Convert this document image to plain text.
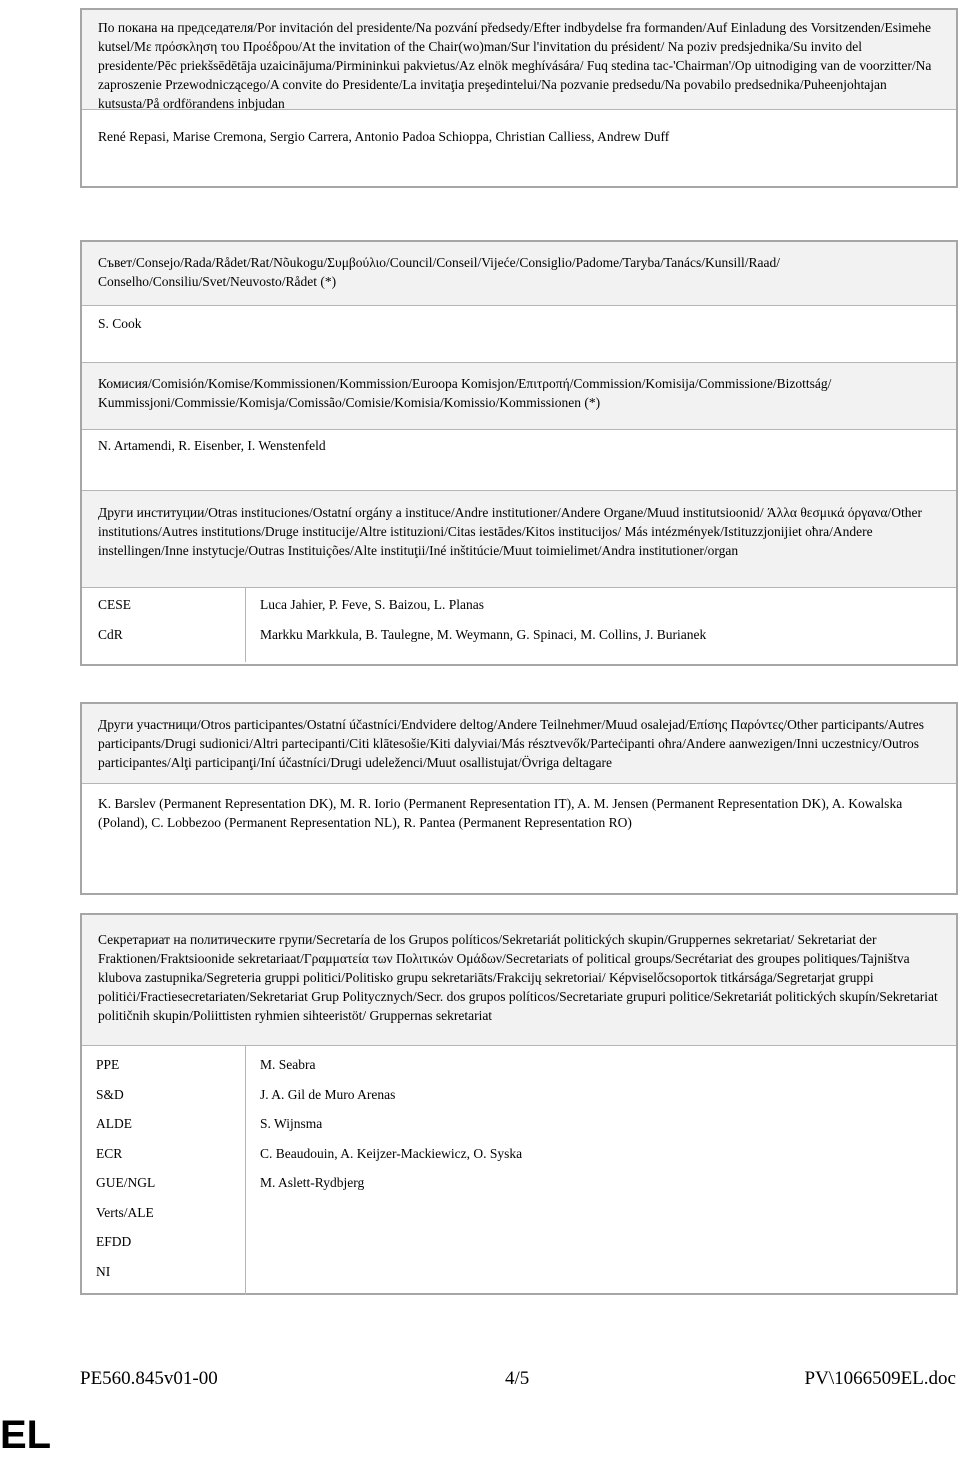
По покана на председателя/Por invitación del presidente/Na pozvání předsedy/Efter indbydelse fra formanden/Auf Einladung des Vorsitzenden/Esimehe kutsel/Με πρόσκληση του Προέδρου/At the invitation of the Chair(wo)man/Sur l'invitation du président/ Na poziv predsjednika/Su invito del presidente/Pēc priekšsēdētāja uzaicinājuma/Pirmininkui pakvietus/Az elnök meghívására/ Fuq stedina tac-'Chairman'/Op uitnodiging van de voorzitter/Na zaproszenie Przewodniczącego/A convite do Presidente/La invitaţia preşedintelui/Na pozvanie predsedu/Na povabilo predsednika/Puheenjohtajan kutsusta/På ordförandens inbjudan
René Repasi, Marise Cremona, Sergio Carrera, Antonio Padoa Schioppa, Christian Calliess, Andrew Duff
Съвет/Consejo/Rada/Rådet/Rat/Nõukogu/Συμβούλιο/Council/Conseil/Vijeće/Consiglio/Padome/Taryba/Tanács/Kunsill/Raad/ Conselho/Consiliu/Svet/Neuvosto/Rådet (*)
S. Cook
Комисия/Comisión/Komise/Kommissionen/Kommission/Euroopa Komisjon/Επιτροπή/Commission/Komisija/Commissione/Bizottság/ Kummissjoni/Commissie/Komisja/Comissão/Comisie/Komisia/Komissio/Kommissionen (*)
N. Artamendi, R. Eisenber, I. Wenstenfeld
Други институции/Otras instituciones/Ostatní orgány a instituce/Andre institutioner/Andere Organe/Muud institutsioonid/ Άλλα θεσμικά όργανα/Other institutions/Autres institutions/Druge institucije/Altre istituzioni/Citas iestādes/Kitos institucijos/ Más intézmények/Istituzzjonijiet oħra/Andere instellingen/Inne instytucje/Outras Instituições/Alte instituţii/Iné inštitúcie/Muut toimielimet/Andra institutioner/organ
CESE
CdR
Luca Jahier, P. Feve, S. Baizou, L. Planas
Markku Markkula, B. Taulegne, M. Weymann, G. Spinaci, M. Collins, J. Burianek
Други участници/Otros participantes/Ostatní účastníci/Endvidere deltog/Andere Teilnehmer/Muud osalejad/Επίσης Παρόντες/Other participants/Autres participants/Drugi sudionici/Altri partecipanti/Citi klātesošie/Kiti dalyviai/Más résztvevők/Parteċipanti oħra/Andere aanwezigen/Inni uczestnicy/Outros participantes/Alţi participanţi/Iní účastníci/Drugi udeleženci/Muut osallistujat/Övriga deltagare
K. Barslev (Permanent Representation DK), M. R. Iorio (Permanent Representation IT), A. M. Jensen (Permanent Representation DK), A. Kowalska (Poland), C. Lobbezoo (Permanent Representation NL), R. Pantea (Permanent Representation RO)
Секретариат на политическите групи/Secretaría de los Grupos políticos/Sekretariát politických skupin/Gruppernes sekretariat/ Sekretariat der Fraktionen/Fraktsioonide sekretariaat/Γραμματεία των Πολιτικών Ομάδων/Secretariats of political groups/Secrétariat des groupes politiques/Tajništva klubova zastupnika/Segreteria gruppi politici/Politisko grupu sekretariāts/Frakcijų sekretoriai/ Képviselőcsoportok titkársága/Segretarjat gruppi politiċi/Fractiesecretariaten/Sekretariat Grup Politycznych/Secr. dos grupos políticos/Secretariate grupuri politice/Sekretariát politických skupín/Sekretariat političnih skupin/Poliittisten ryhmien sihteeristöt/ Gruppernas sekretariat
PPE
S&D
ALDE
ECR
GUE/NGL
Verts/ALE
EFDD
NI
M. Seabra
J. A. Gil de Muro Arenas
S. Wijnsma
C. Beaudouin, A. Keijzer-Mackiewicz, O. Syska
M. Aslett-Rydbjerg
PE560.845v01-00	4/5	PV\1066509EL.doc
EL
